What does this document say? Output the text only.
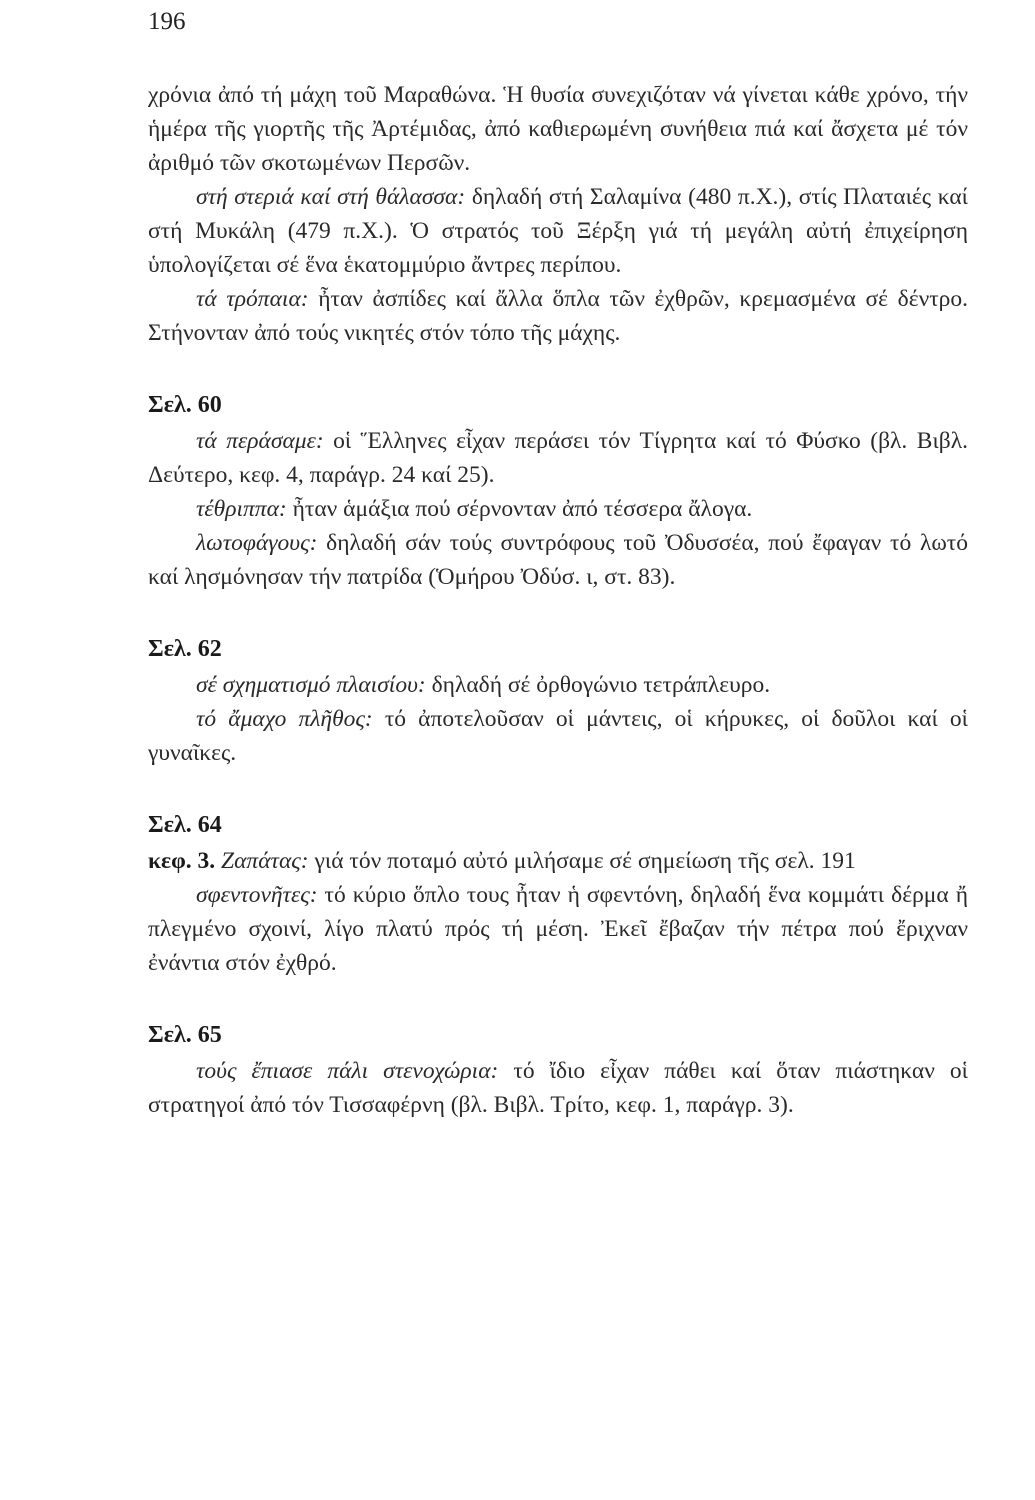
196

χρόνια ἀπό τή μάχη τοῦ Μαραθώνα. Ἡ θυσία συνεχιζόταν νά γίνεται κάθε χρόνο, τήν ἡμέρα τῆς γιορτῆς τῆς Ἀρτέμιδας, ἀπό καθιερωμένη συνήθεια πιά καί ἄσχετα μέ τόν ἀριθμό τῶν σκοτωμένων Περσῶν.

στή στεριά καί στή θάλασσα: δηλαδή στή Σαλαμίνα (480 π.Χ.), στίς Πλαταιές καί στή Μυκάλη (479 π.Χ.). Ὁ στρατός τοῦ Ξέρξη γιά τή μεγάλη αὐτή ἐπιχείρηση ὑπολογίζεται σέ ἕνα ἑκατομμύριο ἄντρες περίπου.

τά τρόπαια: ἦταν ἀσπίδες καί ἄλλα ὅπλα τῶν ἐχθρῶν, κρεμασμένα σέ δέντρο. Στήνονταν ἀπό τούς νικητές στόν τόπο τῆς μάχης.

Σελ. 60

τά περάσαμε: οἱ Ἕλληνες εἶχαν περάσει τόν Τίγρητα καί τό Φύσκο (βλ. Βιβλ. Δεύτερο, κεφ. 4, παράγρ. 24 καί 25).

τέθριππα: ἦταν ἁμάξια πού σέρνονταν ἀπό τέσσερα ἄλογα.

λωτοφάγους: δηλαδή σάν τούς συντρόφους τοῦ Ὀδυσσέα, πού ἔφαγαν τό λωτό καί λησμόνησαν τήν πατρίδα (Ὁμήρου Ὀδύσ. ι, στ. 83).

Σελ. 62

σέ σχηματισμό πλαισίου: δηλαδή σέ ὀρθογώνιο τετράπλευρο.

τό ἄμαχο πλῆθος: τό ἀποτελοῦσαν οἱ μάντεις, οἱ κήρυκες, οἱ δοῦλοι καί οἱ γυναῖκες.

Σελ. 64

κεφ. 3. Ζαπάτας: γιά τόν ποταμό αὐτό μιλήσαμε σέ σημείωση τῆς σελ. 191

σφεντονῆτες: τό κύριο ὅπλο τους ἦταν ἡ σφεντόνη, δηλαδή ἕνα κομμάτι δέρμα ἤ πλεγμένο σχοινί, λίγο πλατύ πρός τή μέση. Ἐκεῖ ἔβαζαν τήν πέτρα πού ἔριχναν ἐνάντια στόν ἐχθρό.

Σελ. 65

τούς ἔπιασε πάλι στενοχώρια: τό ἴδιο εἶχαν πάθει καί ὅταν πιάστηκαν οἱ στρατηγοί ἀπό τόν Τισσαφέρνη (βλ. Βιβλ. Τρίτο, κεφ. 1, παράγρ. 3).
